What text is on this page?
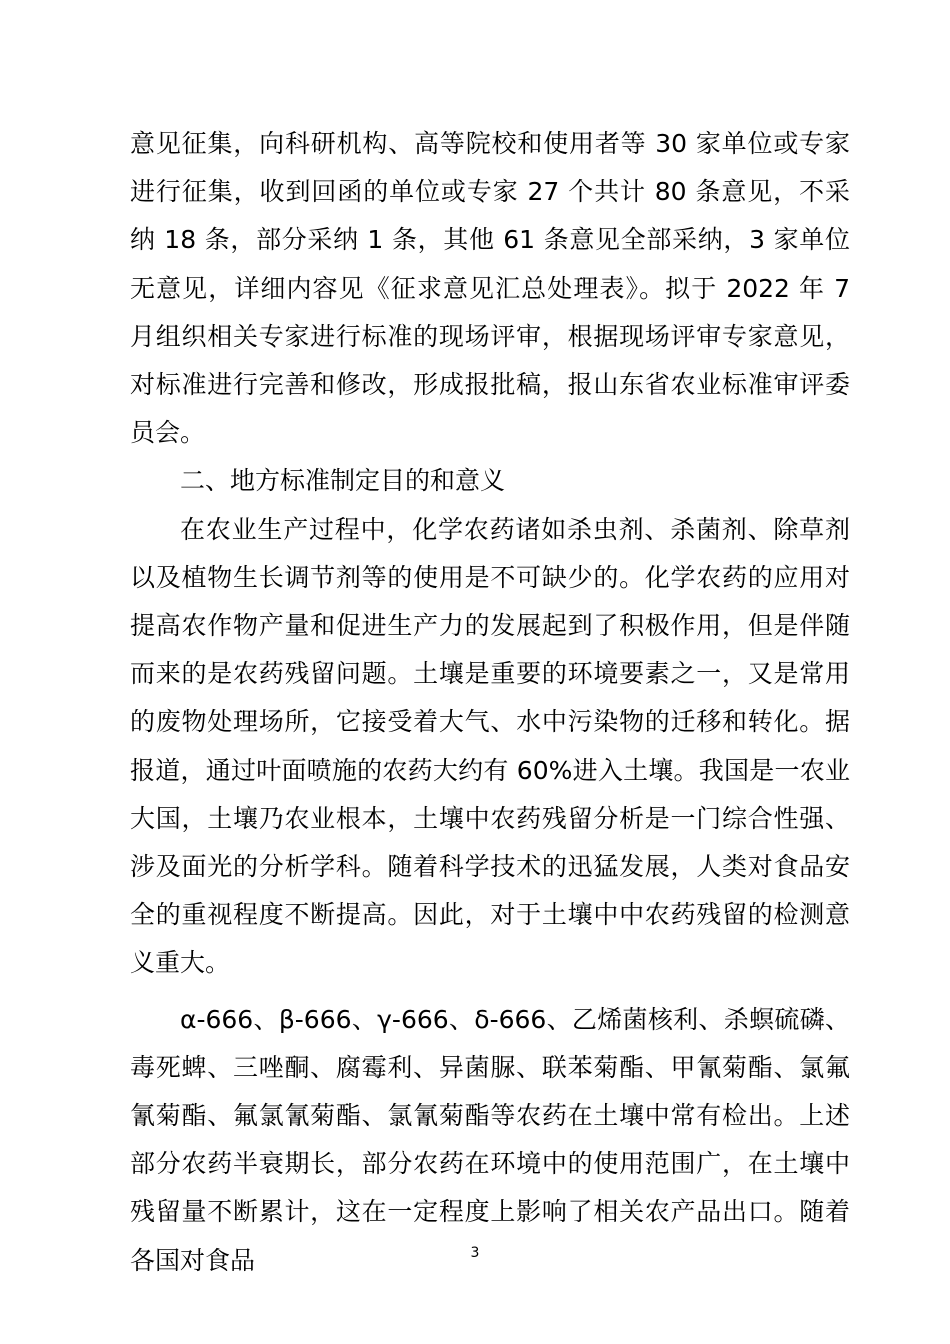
意见征集，向科研机构、高等院校和使用者等 30 家单位或专家进行征集，收到回函的单位或专家 27 个共计 80 条意见，不采纳 18 条，部分采纳 1 条，其他 61 条意见全部采纳，3 家单位无意见，详细内容见《征求意见汇总处理表》。拟于 2022 年 7 月组织相关专家进行标准的现场评审，根据现场评审专家意见，对标准进行完善和修改，形成报批稿，报山东省农业标准审评委员会。

二、地方标准制定目的和意义

在农业生产过程中，化学农药诸如杀虫剂、杀菌剂、除草剂以及植物生长调节剂等的使用是不可缺少的。化学农药的应用对提高农作物产量和促进生产力的发展起到了积极作用，但是伴随而来的是农药残留问题。土壤是重要的环境要素之一，又是常用的废物处理场所，它接受着大气、水中污染物的迁移和转化。据报道，通过叶面喷施的农药大约有 60%进入土壤。我国是一农业大国，土壤乃农业根本，土壤中农药残留分析是一门综合性强、涉及面光的分析学科。随着科学技术的迅猛发展，人类对食品安全的重视程度不断提高。因此，对于土壤中中农药残留的检测意义重大。

α-666、β-666、γ-666、δ-666、乙烯菌核利、杀螟硫磷、毒死蜱、三唑酮、腐霉利、异菌脲、联苯菊酯、甲氰菊酯、氯氟氰菊酯、氟氯氰菊酯、氯氰菊酯等农药在土壤中常有检出。上述部分农药半衰期长，部分农药在环境中的使用范围广，在土壤中残留量不断累计，这在一定程度上影响了相关农产品出口。随着各国对食品	3
